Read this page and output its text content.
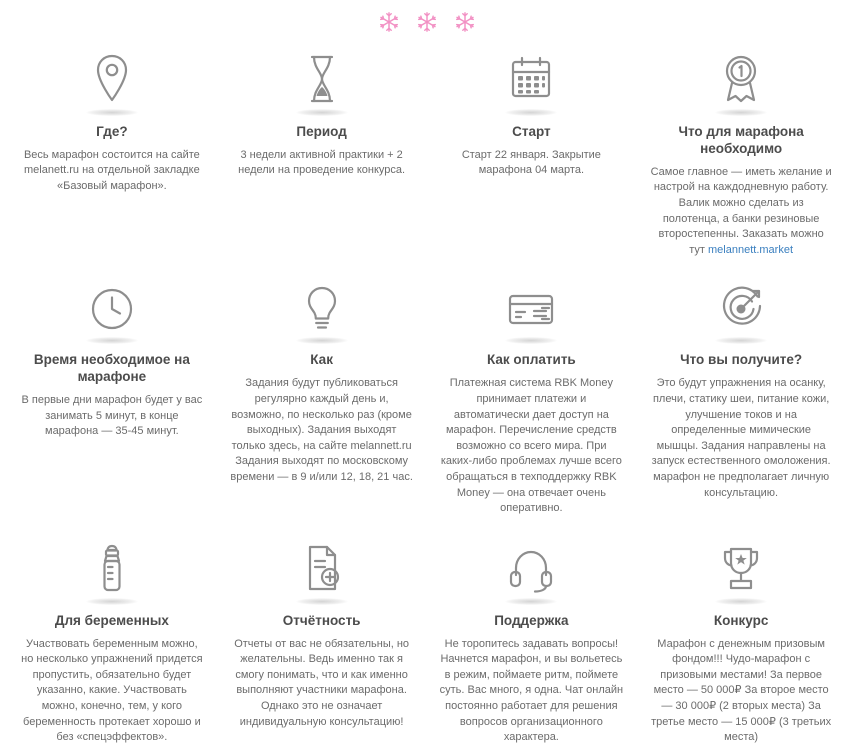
Где?
Весь марафон состоится на сайте melanett.ru на отдельной закладке «Базовый марафон».
Период
3 недели активной практики + 2 недели на проведение конкурса.
Старт
Старт 22 января. Закрытие марафона 04 марта.
Что для марафона необходимо
Самое главное — иметь желание и настрой на каждодневную работу. Валик можно сделать из полотенца, а банки резиновые второстепенны. Заказать можно тут melannett.market
Время необходимое на марафоне
В первые дни марафон будет у вас занимать 5 минут, в конце марафона — 35-45 минут.
Как
Задания будут публиковаться регулярно каждый день и, возможно, по несколько раз (кроме выходных). Задания выходят только здесь, на сайте melannett.ru Задания выходят по московскому времени — в 9 и/или 12, 18, 21 час.
Как оплатить
Платежная система RBK Money принимает платежи и автоматически дает доступ на марафон. Перечисление средств возможно со всего мира. При каких-либо проблемах лучше всего обращаться в техподдержку RBK Money — она отвечает очень оперативно.
Что вы получите?
Это будут упражнения на осанку, плечи, статику шеи, питание кожи, улучшение токов и на определенные мимические мышцы. Задания направлены на запуск естественного омоложения. марафон не предполагает личную консультацию.
Для беременных
Участвовать беременным можно, но несколько упражнений придется пропустить, обязательно будет указанно, какие. Участвовать можно, конечно, тем, у кого беременность протекает хорошо и без «спецэффектов».
Отчётность
Отчеты от вас не обязательны, но желательны. Ведь именно так я смогу понимать, что и как именно выполняют участники марафона. Однако это не означает индивидуальную консультацию!
Поддержка
Не торопитесь задавать вопросы! Начнется марафон, и вы вольетесь в режим, поймаете ритм, поймете суть. Вас много, я одна. Чат онлайн постоянно работает для решения вопросов организационного характера.
Конкурс
Марафон с денежным призовым фондом!!! Чудо-марафон с призовыми местами! За первое место — 50 000₽ За второе место — 30 000₽ (2 вторых места) За третье место — 15 000₽ (3 третьих места)
